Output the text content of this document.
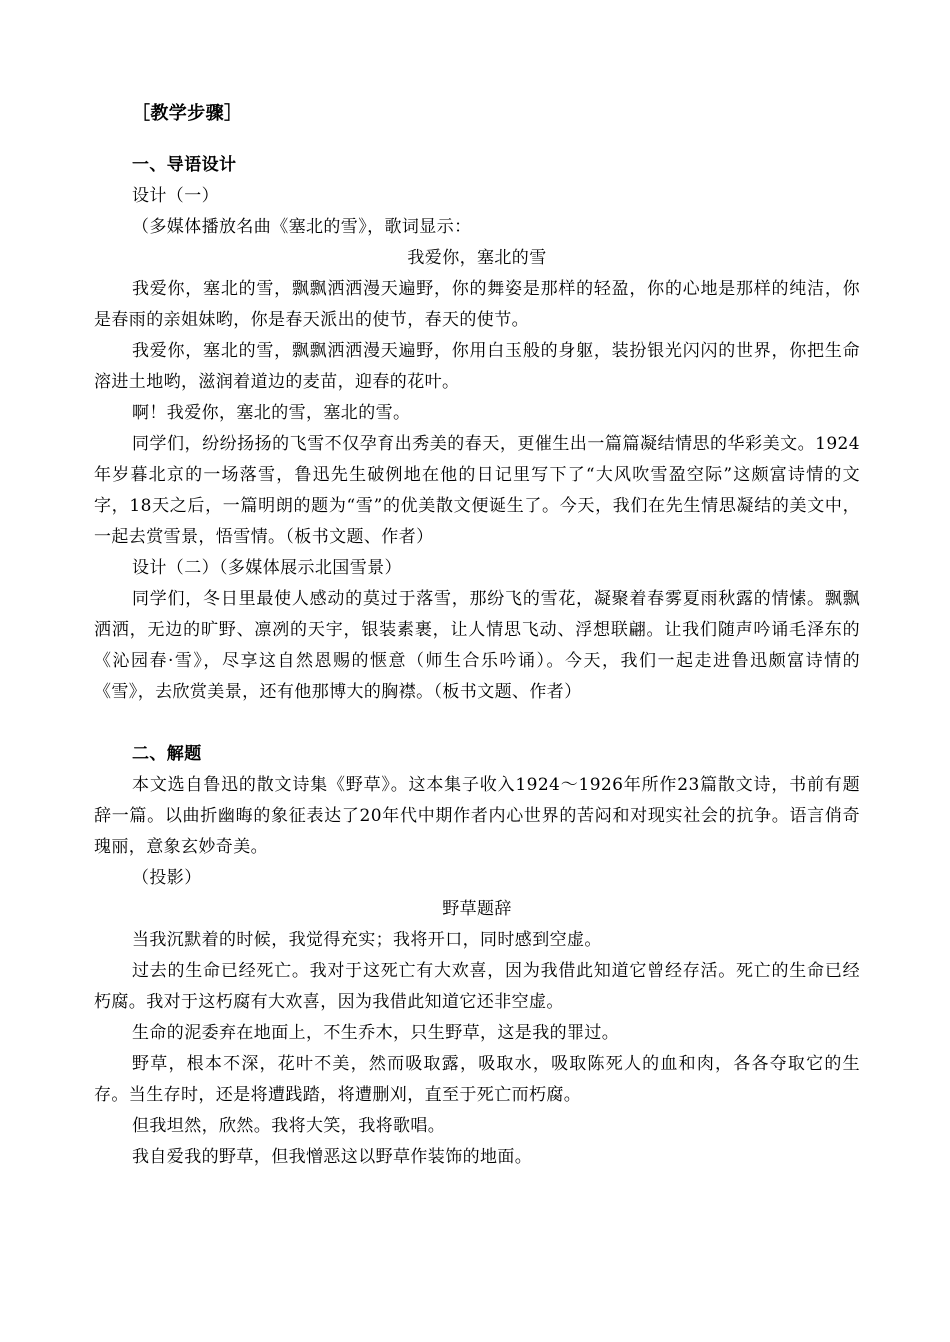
［教学步骤］

一、导语设计

设计（一）

（多媒体播放名曲《塞北的雪》，歌词显示：

我爱你，塞北的雪

我爱你，塞北的雪，飘飘洒洒漫天遍野，你的舞姿是那样的轻盈，你的心地是那样的纯洁，你是春雨的亲姐妹哟，你是春天派出的使节，春天的使节。

我爱你，塞北的雪，飘飘洒洒漫天遍野，你用白玉般的身躯，装扮银光闪闪的世界，你把生命溶进土地哟，滋润着道边的麦苗，迎春的花叶。

啊！我爱你，塞北的雪，塞北的雪。

同学们，纷纷扬扬的飞雪不仅孕育出秀美的春天，更催生出一篇篇凝结情思的华彩美文。1924年岁暮北京的一场落雪，鲁迅先生破例地在他的日记里写下了“大风吹雪盈空际”这颇富诗情的文字，18天之后，一篇明朗的题为“雪”的优美散文便诞生了。今天，我们在先生情思凝结的美文中，一起去赏雪景，悟雪情。（板书文题、作者）

设计（二）（多媒体展示北国雪景）

同学们，冬日里最使人感动的莫过于落雪，那纷飞的雪花，凝聚着春雾夏雨秋露的情愫。飘飘洒洒，无边的旷野、凛冽的天宇，银装素裹，让人情思飞动、浮想联翩。让我们随声吟诵毛泽东的《沁园春·雪》，尽享这自然恩赐的惬意（师生合乐吟诵）。今天，我们一起走进鲁迅颇富诗情的《雪》，去欣赏美景，还有他那博大的胸襟。（板书文题、作者）

二、解题

本文选自鲁迅的散文诗集《野草》。这本集子收入1924～1926年所作23篇散文诗，书前有题辞一篇。以曲折幽晦的象征表达了20年代中期作者内心世界的苦闷和对现实社会的抗争。语言俏奇瑰丽，意象玄妙奇美。

（投影）

野草题辞

当我沉默着的时候，我觉得充实；我将开口，同时感到空虚。

过去的生命已经死亡。我对于这死亡有大欢喜，因为我借此知道它曾经存活。死亡的生命已经朽腐。我对于这朽腐有大欢喜，因为我借此知道它还非空虚。

生命的泥委弃在地面上，不生乔木，只生野草，这是我的罪过。

野草，根本不深，花叶不美，然而吸取露，吸取水，吸取陈死人的血和肉，各各夺取它的生存。当生存时，还是将遭践踏，将遭删刈，直至于死亡而朽腐。

但我坦然，欣然。我将大笑，我将歌唱。

我自爱我的野草，但我憎恶这以野草作装饰的地面。
